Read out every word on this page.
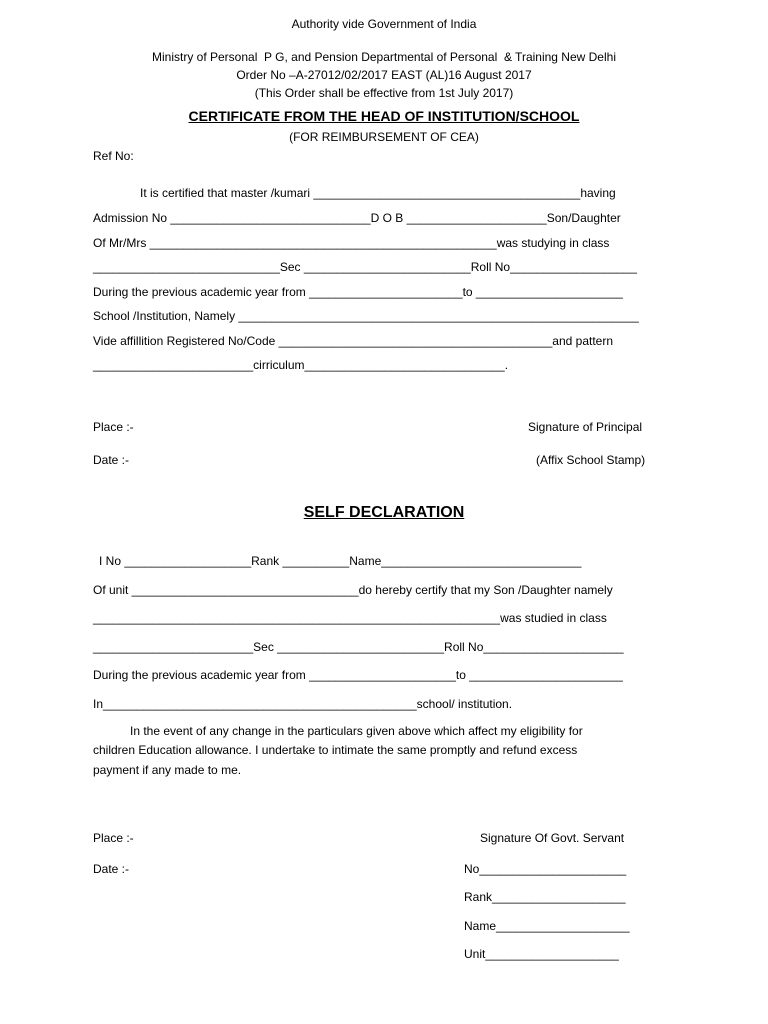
Authority vide Government of India
Ministry of Personal  P G, and Pension Departmental of Personal  & Training New Delhi
Order No –A-27012/02/2017 EAST (AL)16 August 2017
(This Order shall be effective from 1st July 2017)
CERTIFICATE FROM THE HEAD OF INSTITUTION/SCHOOL
(FOR REIMBURSEMENT OF CEA)
Ref No:
It is certified that master /kumari ________________________________________having
Admission No ______________________________D O B _____________________Son/Daughter
Of Mr/Mrs ____________________________________________________was studying in class
____________________________Sec _________________________Roll No___________________
During the previous academic year from _______________________to ______________________
School /Institution, Namely ____________________________________________________________
Vide affillition Registered No/Code _________________________________________and pattern
________________________cirriculum______________________________.
Place :-	Signature of Principal
Date :-	(Affix School Stamp)
SELF DECLARATION
I No ___________________Rank __________Name______________________________
Of unit __________________________________do hereby certify that my Son /Daughter namely
_____________________________________________________________was studied in class
________________________Sec _________________________Roll No_____________________
During the previous academic year from ______________________to _______________________
In_______________________________________________school/ institution.
In the event of any change in the particulars given above which affect my eligibility for
children Education allowance. I undertake to intimate the same promptly and refund excess
payment if any made to me.
Place :-	Signature Of Govt. Servant
Date :-	No______________________
Rank____________________
Name____________________
Unit____________________
